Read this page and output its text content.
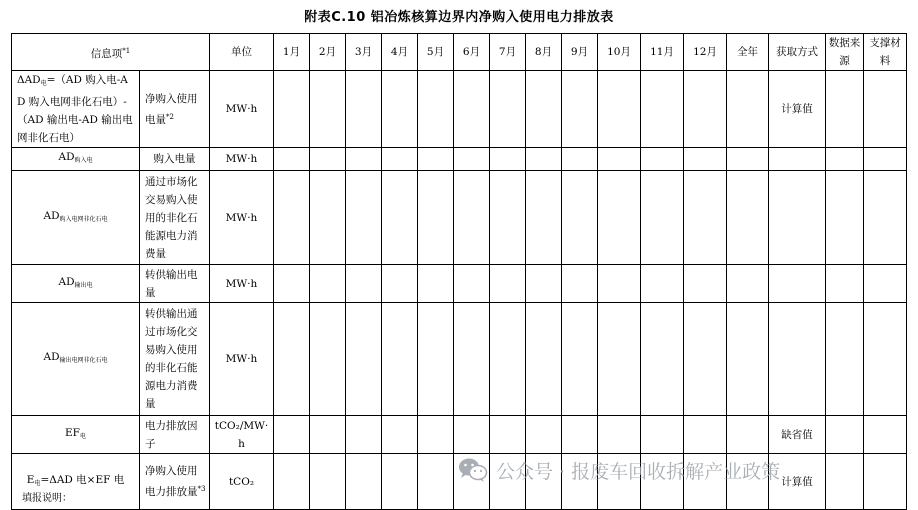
附表C.10 铝冶炼核算边界内净购入使用电力排放表
信息项$^{*1}$		单位	1月	2月	3月	4月	5月	6月	7月	8月	9月	10月	11月	12月	全年	获取方式	数据来源	支撑材料
$\Delta AD_电=(AD$ 购入电-AD 购入电网非化石电）-（AD 输出电-AD 输出电网非化石电）	净购入使用电量$^{*2}$	MW·h														计算值		
$AD_{购入电}$	购入电量	MW·h																
$AD_{购入电网非化石电}$	通过市场化交易购入使用的非化石能源电力消费量	MW·h																
$AD_{输出电}$	转供输出电量	MW·h																
$AD_{输出电网非化石电}$	转供输出通过市场化交易购入使用的非化石能源电力消费量	MW·h																
$EF_电$	电力排放因子	tCO₂/MW·h														缺省值		
$E_电=\Delta AD$ 电×EF 电	净购入使用电力排放量$^{*3}$	tCO₂														计算值		
填报说明：
公众号 · 报废车回收拆解产业政策
